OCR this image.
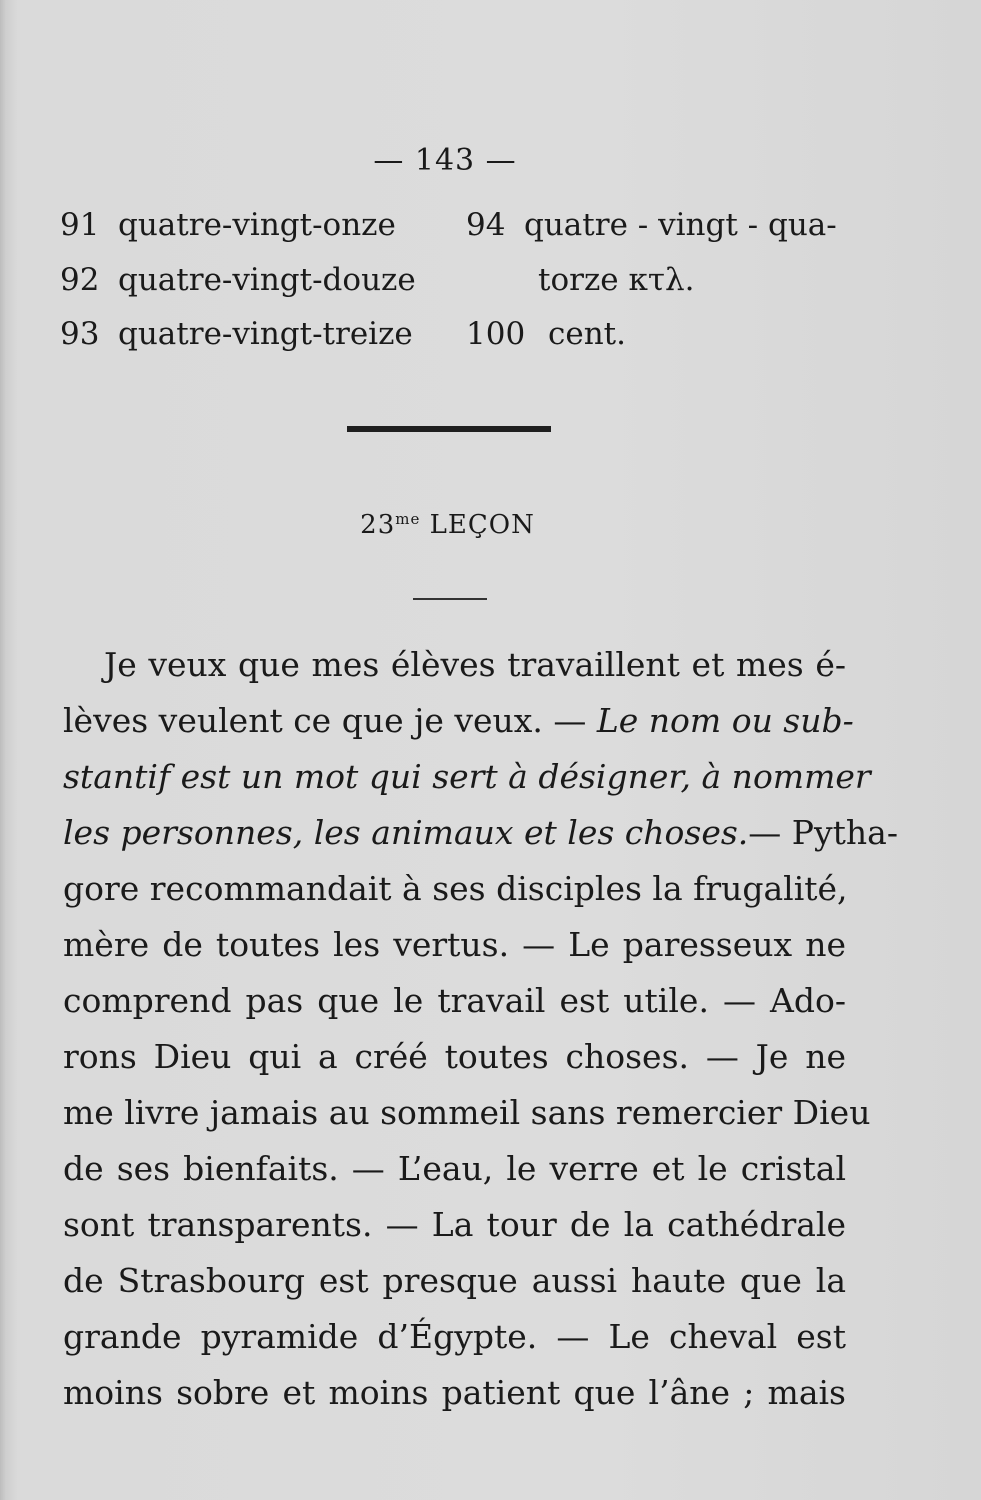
— 143 —
91 quatre-vingt-onze
92 quatre-vingt-douze
93 quatre-vingt-treize
94 quatre - vingt - qua-
torze κτλ.
100 cent.
$23^{me}$ LEÇON
Je veux que mes élèves travaillent et mes é-
lèves veulent ce que je veux. — Le nom ou sub-
stantif est un mot qui sert à désigner, à nommer
les personnes, les animaux et les choses.— Pytha-
gore recommandait à ses disciples la frugalité,
mère de toutes les vertus. — Le paresseux ne
comprend pas que le travail est utile. — Ado-
rons Dieu qui a créé toutes choses. — Je ne
me livre jamais au sommeil sans remercier Dieu
de ses bienfaits. — L’eau, le verre et le cristal
sont transparents. — La tour de la cathédrale
de Strasbourg est presque aussi haute que la
grande pyramide d’Égypte. — Le cheval est
moins sobre et moins patient que l’âne ; mais
